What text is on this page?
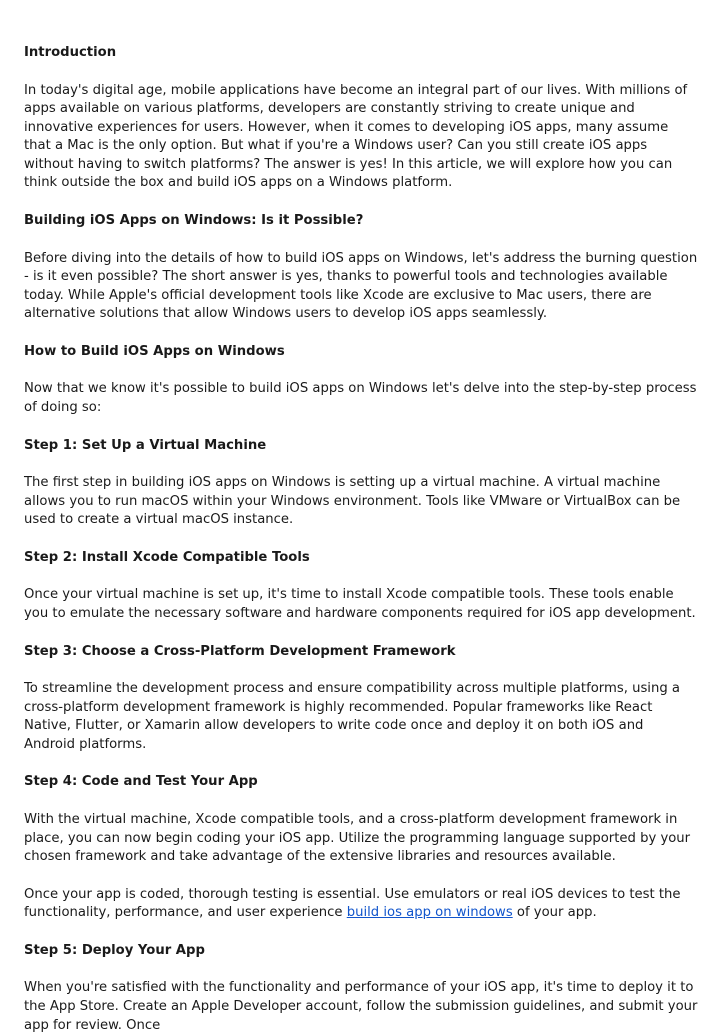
Introduction

In today's digital age, mobile applications have become an integral part of our lives. With millions of apps available on various platforms, developers are constantly striving to create unique and innovative experiences for users. However, when it comes to developing iOS apps, many assume that a Mac is the only option. But what if you're a Windows user? Can you still create iOS apps without having to switch platforms? The answer is yes! In this article, we will explore how you can think outside the box and build iOS apps on a Windows platform.

Building iOS Apps on Windows: Is it Possible?

Before diving into the details of how to build iOS apps on Windows, let's address the burning question - is it even possible? The short answer is yes, thanks to powerful tools and technologies available today. While Apple's official development tools like Xcode are exclusive to Mac users, there are alternative solutions that allow Windows users to develop iOS apps seamlessly.

How to Build iOS Apps on Windows

Now that we know it's possible to build iOS apps on Windows let's delve into the step-by-step process of doing so:

Step 1: Set Up a Virtual Machine

The first step in building iOS apps on Windows is setting up a virtual machine. A virtual machine allows you to run macOS within your Windows environment. Tools like VMware or VirtualBox can be used to create a virtual macOS instance.

Step 2: Install Xcode Compatible Tools

Once your virtual machine is set up, it's time to install Xcode compatible tools. These tools enable you to emulate the necessary software and hardware components required for iOS app development.

Step 3: Choose a Cross-Platform Development Framework

To streamline the development process and ensure compatibility across multiple platforms, using a cross-platform development framework is highly recommended. Popular frameworks like React Native, Flutter, or Xamarin allow developers to write code once and deploy it on both iOS and Android platforms.

Step 4: Code and Test Your App

With the virtual machine, Xcode compatible tools, and a cross-platform development framework in place, you can now begin coding your iOS app. Utilize the programming language supported by your chosen framework and take advantage of the extensive libraries and resources available.

Once your app is coded, thorough testing is essential. Use emulators or real iOS devices to test the functionality, performance, and user experience build ios app on windows of your app.

Step 5: Deploy Your App

When you're satisfied with the functionality and performance of your iOS app, it's time to deploy it to the App Store. Create an Apple Developer account, follow the submission guidelines, and submit your app for review. Once
